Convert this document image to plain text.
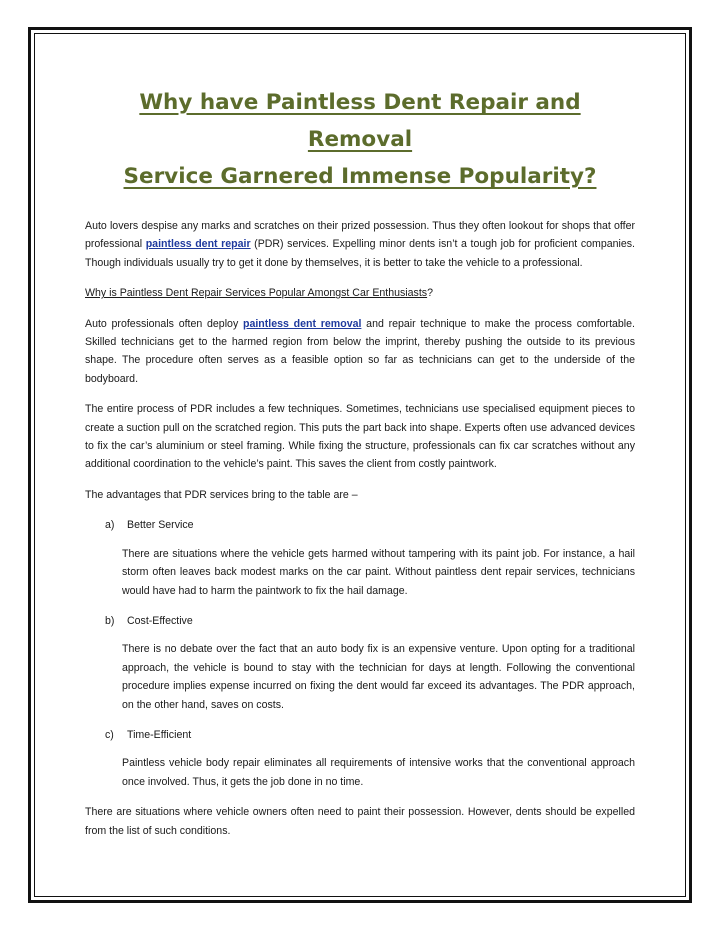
Why have Paintless Dent Repair and Removal
Service Garnered Immense Popularity?

Auto lovers despise any marks and scratches on their prized possession. Thus they often lookout for shops that offer professional paintless dent repair (PDR) services. Expelling minor dents isn’t a tough job for proficient companies. Though individuals usually try to get it done by themselves, it is better to take the vehicle to a professional.

Why is Paintless Dent Repair Services Popular Amongst Car Enthusiasts?

Auto professionals often deploy paintless dent removal and repair technique to make the process comfortable. Skilled technicians get to the harmed region from below the imprint, thereby pushing the outside to its previous shape. The procedure often serves as a feasible option so far as technicians can get to the underside of the bodyboard.

The entire process of PDR includes a few techniques. Sometimes, technicians use specialised equipment pieces to create a suction pull on the scratched region. This puts the part back into shape. Experts often use advanced devices to fix the car’s aluminium or steel framing. While fixing the structure, professionals can fix car scratches without any additional coordination to the vehicle’s paint. This saves the client from costly paintwork.

The advantages that PDR services bring to the table are –

a) Better Service

There are situations where the vehicle gets harmed without tampering with its paint job. For instance, a hail storm often leaves back modest marks on the car paint. Without paintless dent repair services, technicians would have had to harm the paintwork to fix the hail damage.

b) Cost-Effective

There is no debate over the fact that an auto body fix is an expensive venture. Upon opting for a traditional approach, the vehicle is bound to stay with the technician for days at length. Following the conventional procedure implies expense incurred on fixing the dent would far exceed its advantages. The PDR approach, on the other hand, saves on costs.

c) Time-Efficient

Paintless vehicle body repair eliminates all requirements of intensive works that the conventional approach once involved. Thus, it gets the job done in no time.

There are situations where vehicle owners often need to paint their possession. However, dents should be expelled from the list of such conditions.
